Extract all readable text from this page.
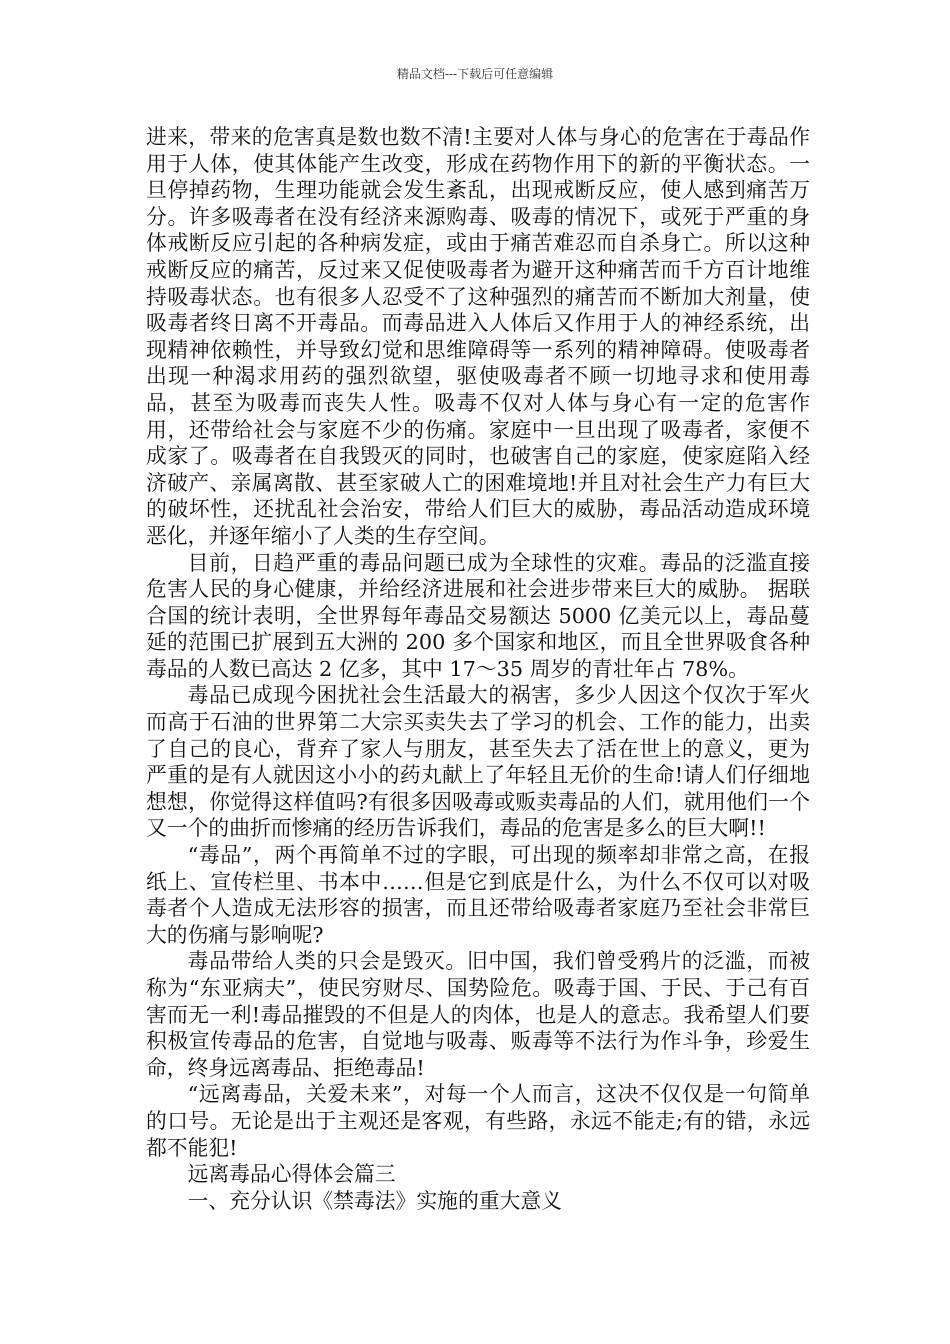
精品文档---下载后可任意编辑

进来，带来的危害真是数也数不清!主要对人体与身心的危害在于毒品作用于人体，使其体能产生改变，形成在药物作用下的新的平衡状态。一旦停掉药物，生理功能就会发生紊乱，出现戒断反应，使人感到痛苦万分。许多吸毒者在没有经济来源购毒、吸毒的情况下，或死于严重的身体戒断反应引起的各种病发症，或由于痛苦难忍而自杀身亡。所以这种戒断反应的痛苦，反过来又促使吸毒者为避开这种痛苦而千方百计地维持吸毒状态。也有很多人忍受不了这种强烈的痛苦而不断加大剂量，使吸毒者终日离不开毒品。而毒品进入人体后又作用于人的神经系统，出现精神依赖性，并导致幻觉和思维障碍等一系列的精神障碍。使吸毒者出现一种渴求用药的强烈欲望，驱使吸毒者不顾一切地寻求和使用毒品，甚至为吸毒而丧失人性。吸毒不仅对人体与身心有一定的危害作用，还带给社会与家庭不少的伤痛。家庭中一旦出现了吸毒者，家便不成家了。吸毒者在自我毁灭的同时，也破害自己的家庭，使家庭陷入经济破产、亲属离散、甚至家破人亡的困难境地!并且对社会生产力有巨大的破坏性，还扰乱社会治安，带给人们巨大的威胁，毒品活动造成环境恶化，并逐年缩小了人类的生存空间。

目前，日趋严重的毒品问题已成为全球性的灾难。毒品的泛滥直接危害人民的身心健康，并给经济进展和社会进步带来巨大的威胁。 据联合国的统计表明，全世界每年毒品交易额达 5000 亿美元以上，毒品蔓延的范围已扩展到五大洲的 200 多个国家和地区，而且全世界吸食各种毒品的人数已高达 2 亿多，其中 17～35 周岁的青壮年占 78%。

毒品已成现今困扰社会生活最大的祸害，多少人因这个仅次于军火而高于石油的世界第二大宗买卖失去了学习的机会、工作的能力，出卖了自己的良心，背弃了家人与朋友，甚至失去了活在世上的意义，更为严重的是有人就因这小小的药丸献上了年轻且无价的生命!请人们仔细地想想，你觉得这样值吗?有很多因吸毒或贩卖毒品的人们，就用他们一个又一个的曲折而惨痛的经历告诉我们，毒品的危害是多么的巨大啊!!

“毒品”，两个再简单不过的字眼，可出现的频率却非常之高，在报纸上、宣传栏里、书本中……但是它到底是什么，为什么不仅可以对吸毒者个人造成无法形容的损害，而且还带给吸毒者家庭乃至社会非常巨大的伤痛与影响呢?

毒品带给人类的只会是毁灭。旧中国，我们曾受鸦片的泛滥，而被称为“东亚病夫”，使民穷财尽、国势险危。吸毒于国、于民、于己有百害而无一利!毒品摧毁的不但是人的肉体，也是人的意志。我希望人们要积极宣传毒品的危害，自觉地与吸毒、贩毒等不法行为作斗争，珍爱生命，终身远离毒品、拒绝毒品!

“远离毒品，关爱未来”，对每一个人而言，这决不仅仅是一句简单的口号。无论是出于主观还是客观，有些路，永远不能走;有的错，永远都不能犯!

远离毒品心得体会篇三

一、充分认识《禁毒法》实施的重大意义
